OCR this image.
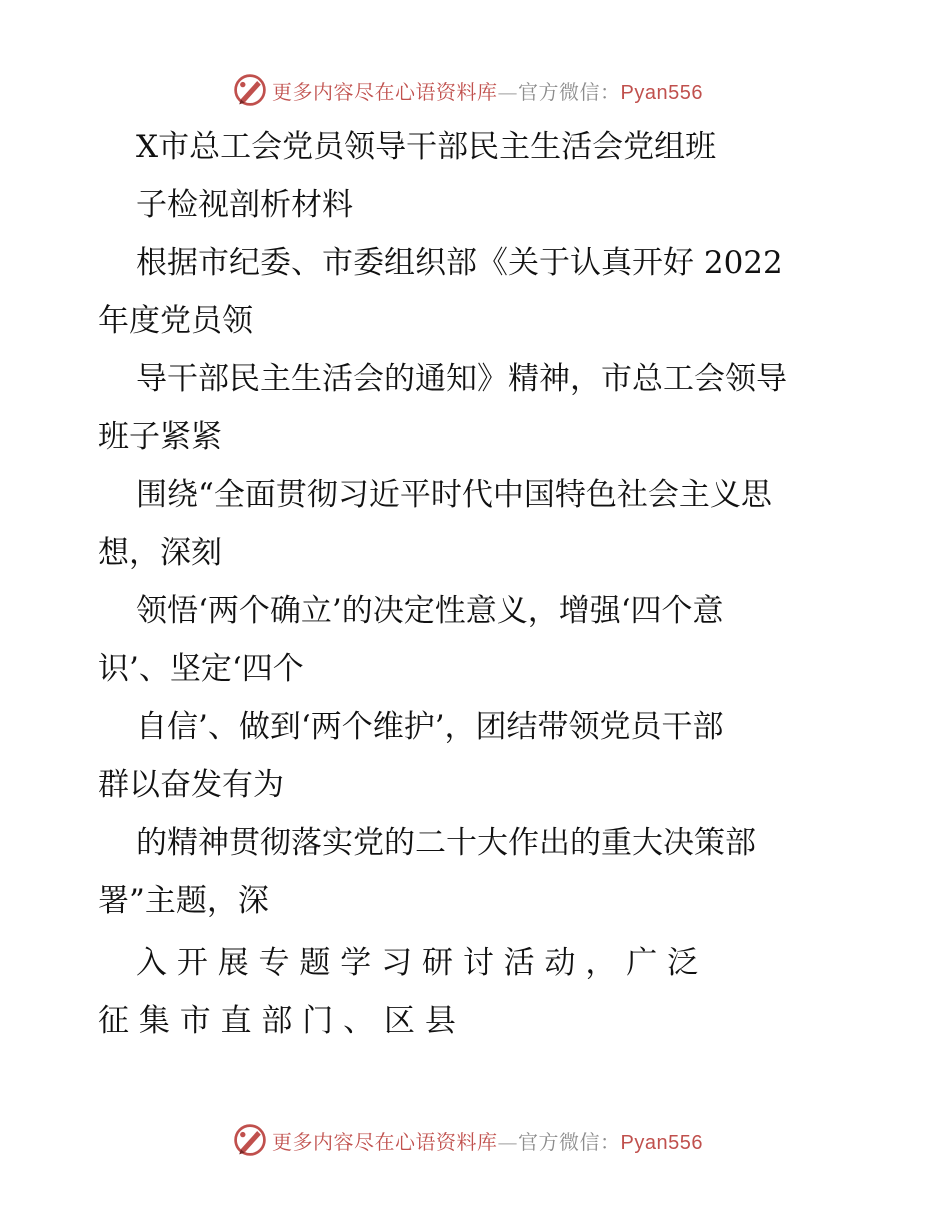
更多内容尽在心语资料库—官方微信：Pyan556
X市总工会党员领导干部民主生活会党组班
子检视剖析材料
根据市纪委、市委组织部《关于认真开好 2022
年度党员领
导干部民主生活会的通知》精神，市总工会领导
班子紧紧
围绕“全面贯彻习近平时代中国特色社会主义思
想，深刻
领悟‘两个确立’的决定性意义，增强‘四个意
识’、坚定‘四个
自信’、做到‘两个维护’，团结带领党员干部
群以奋发有为
的精神贯彻落实党的二十大作出的重大决策部
署”主题，深
入 开 展 专 题 学 习 研 讨 活 动 ， 广 泛
征 集 市 直 部 门 、 区 县
更多内容尽在心语资料库—官方微信：Pyan556
